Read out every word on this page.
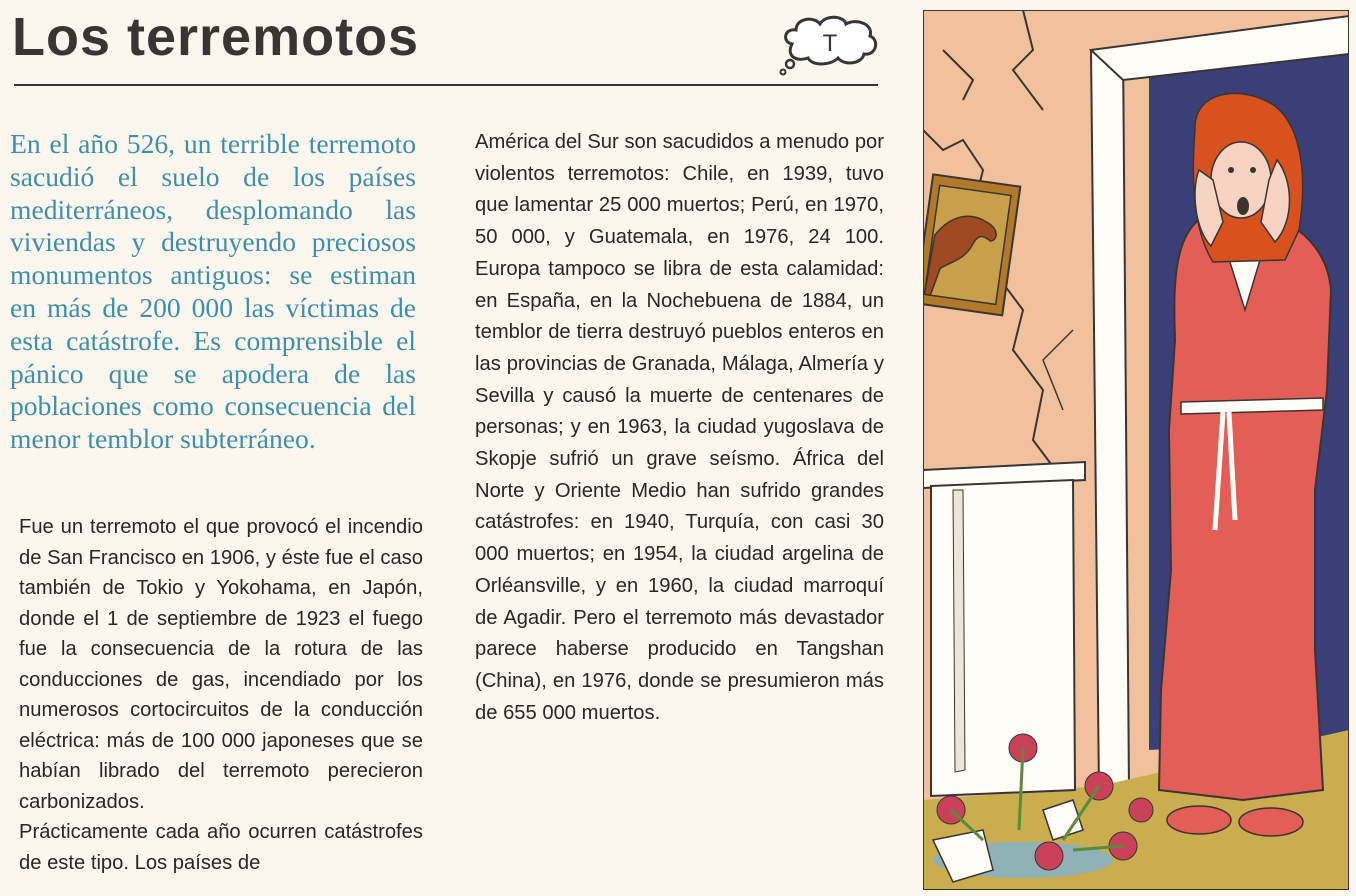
Los terremotos	T

En el año 526, un terrible terremoto sacudió el suelo de los países mediterráneos, desplomando las viviendas y destruyendo preciosos monumentos antiguos: se estiman en más de 200 000 las víctimas de esta catástrofe. Es comprensible el pánico que se apodera de las poblaciones como consecuencia del menor temblor subterráneo.

Fue un terremoto el que provocó el incendio de San Francisco en 1906, y éste fue el caso también de Tokio y Yokohama, en Japón, donde el 1 de septiembre de 1923 el fuego fue la consecuencia de la rotura de las conducciones de gas, incendiado por los numerosos cortocircuitos de la conducción eléctrica: más de 100 000 japoneses que se habían librado del terremoto perecieron carbonizados.

Prácticamente cada año ocurren catástrofes de este tipo. Los países de

América del Sur son sacudidos a menudo por violentos terremotos: Chile, en 1939, tuvo que lamentar 25 000 muertos; Perú, en 1970, 50 000, y Guatemala, en 1976, 24 100. Europa tampoco se libra de esta calamidad: en España, en la Nochebuena de 1884, un temblor de tierra destruyó pueblos enteros en las provincias de Granada, Málaga, Almería y Sevilla y causó la muerte de centenares de personas; y en 1963, la ciudad yugoslava de Skopje sufrió un grave seísmo. África del Norte y Oriente Medio han sufrido grandes catástrofes: en 1940, Turquía, con casi 30 000 muertos; en 1954, la ciudad argelina de Orléansville, y en 1960, la ciudad marroquí de Agadir. Pero el terremoto más devastador parece haberse producido en Tangshan (China), en 1976, donde se presumieron más de 655 000 muertos.
